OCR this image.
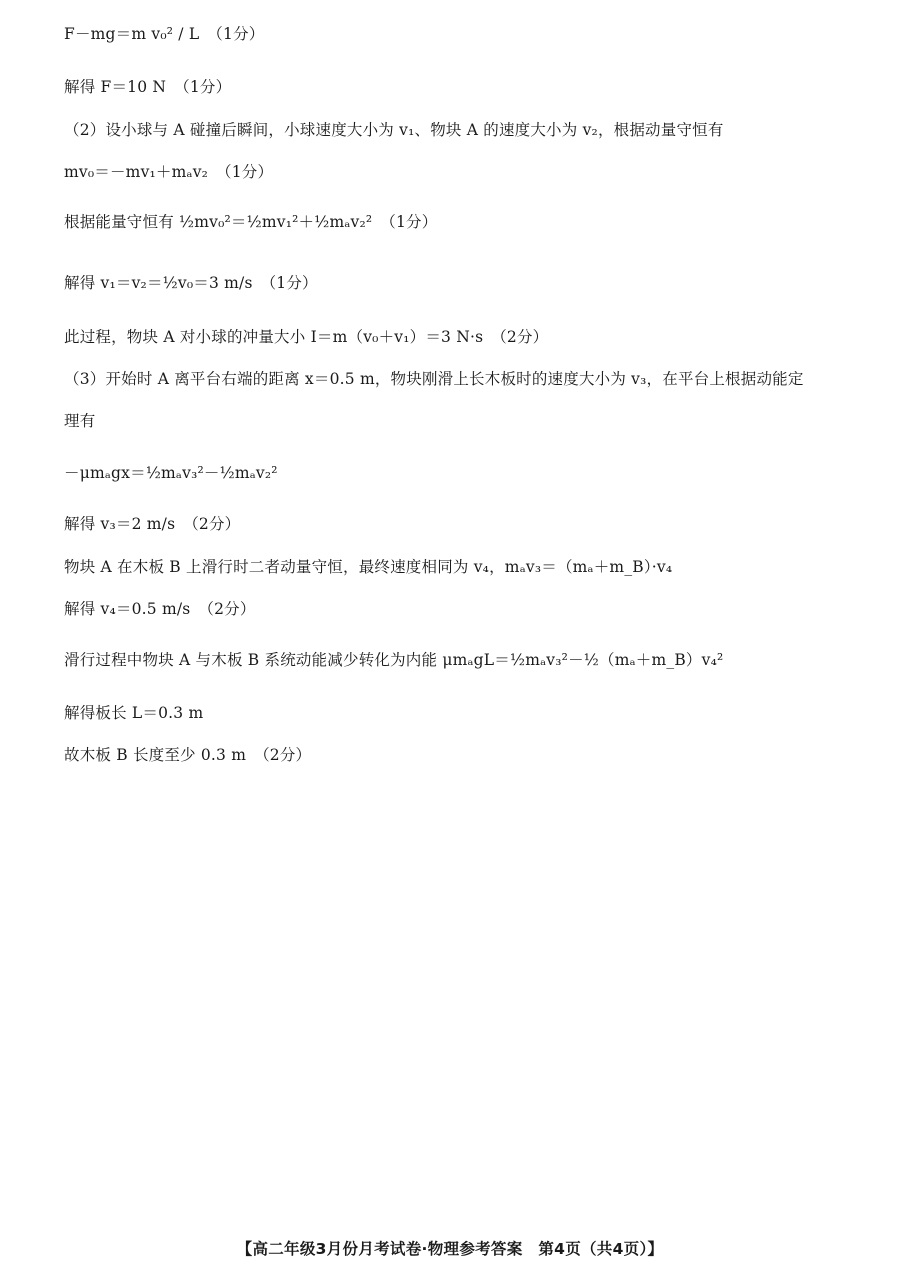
F－mg＝m v₀² / L　（1分）
解得 F＝10 N　（1分）
（2）设小球与 A 碰撞后瞬间，小球速度大小为 v₁、物块 A 的速度大小为 v₂，根据动量守恒有
mv₀＝－mv₁＋mₐv₂　（1分）
根据能量守恒有 ½mv₀²＝½mv₁²＋½mₐv₂²　（1分）
解得 v₁＝v₂＝½v₀＝3 m/s　（1分）
此过程，物块 A 对小球的冲量大小 I＝m（v₀＋v₁）＝3 N·s　（2分）
（3）开始时 A 离平台右端的距离 x＝0.5 m，物块刚滑上长木板时的速度大小为 v₃，在平台上根据动能定
理有
－μmₐgx＝½mₐv₃²－½mₐv₂²
解得 v₃＝2 m/s　（2分）
物块 A 在木板 B 上滑行时二者动量守恒，最终速度相同为 v₄，mₐv₃＝（mₐ＋m_B）·v₄
解得 v₄＝0.5 m/s　（2分）
滑行过程中物块 A 与木板 B 系统动能减少转化为内能 μmₐgL＝½mₐv₃²－½（mₐ＋m_B）v₄²
解得板长 L＝0.3 m
故木板 B 长度至少 0.3 m　（2分）
【高二年级3月份月考试卷·物理参考答案　第4页（共4页）】
